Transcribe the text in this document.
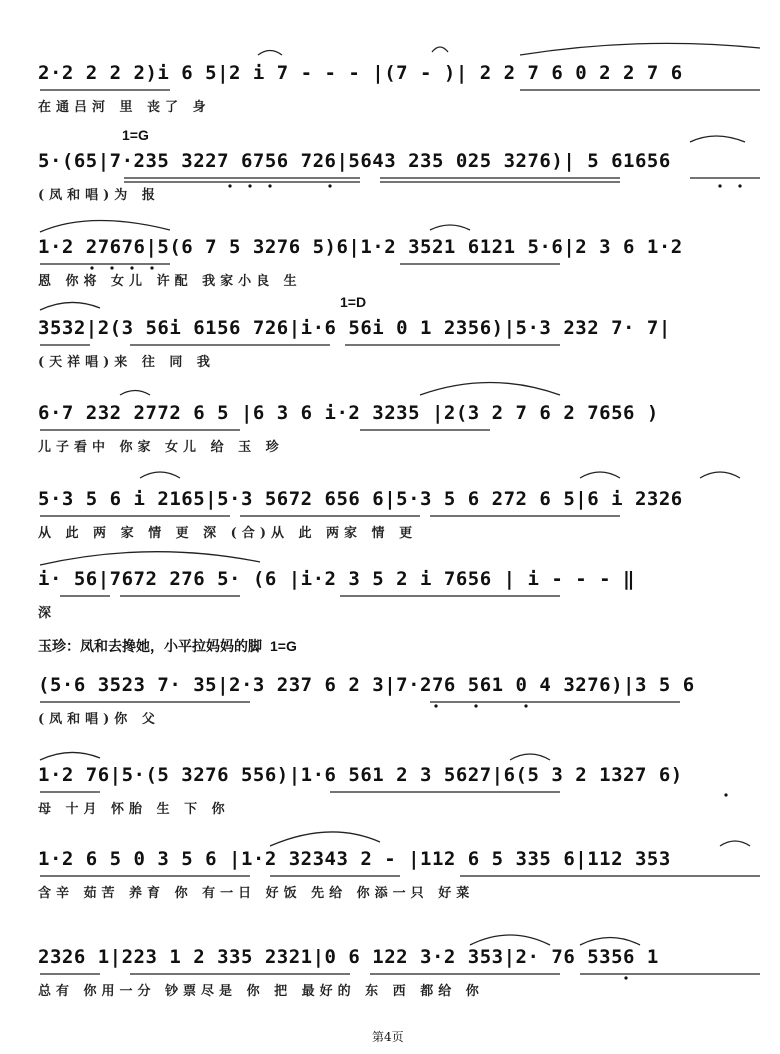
2·2 2 2 2)i 6 5|2 i 7 - - - |(7 - )| 2 2 7 6 0 2 2 7 6
在通吕河 里 丧了 身
1=G
5·(65|7·235 3227 6756 726|5643 235 025 3276)| 5 61656
(凤和唱)为 报
1·2 27676|5(6 7 5 3276 5)6|1·2 3521 6121 5·6|2 3 6 1·2
恩 你将 女儿 许配 我家小良 生
1=D
3532|2(3 56i 6156 726|i·6 56i 0 1 2356)|5·3 232 7· 7|
(天祥唱)来 往 同 我
6·7 232 2772 6 5 |6 3 6 i·2 3235 |2(3 2 7 6 2 7656 )
儿子看中 你家 女儿 给 玉 珍
5·3 5 6 i 2165|5·3 5672 656 6|5·3 5 6 272 6 5|6 i 2326
从 此 两 家 情 更 深 (合)从 此 两家 情 更
i· 56|7672 276 5· (6 |i·2 3 5 2 i 7656 | i - - - ‖
深
玉珍：凤和去搀她，小平拉妈妈的脚 1=G
(5·6 3523 7· 35|2·3 237 6 2 3|7·276 561 0 4 3276)|3 5 6
(凤和唱)你 父
1·2 76|5·(5 3276 556)|1·6 561 2 3 5627|6(5 3 2 1327 6)
母 十月 怀胎 生 下 你
1·2 6 5 0 3 5 6 |1·2 32343 2 - |112 6 5 335 6|112 353
含辛 茹苦 养育 你 有一日 好饭 先给 你添一只 好菜
2326 1|223 1 2 335 2321|0 6 122 3·2 353|2· 76 5356 1
总有 你用一分 钞票尽是 你 把 最好的 东 西 都给 你
第4页
